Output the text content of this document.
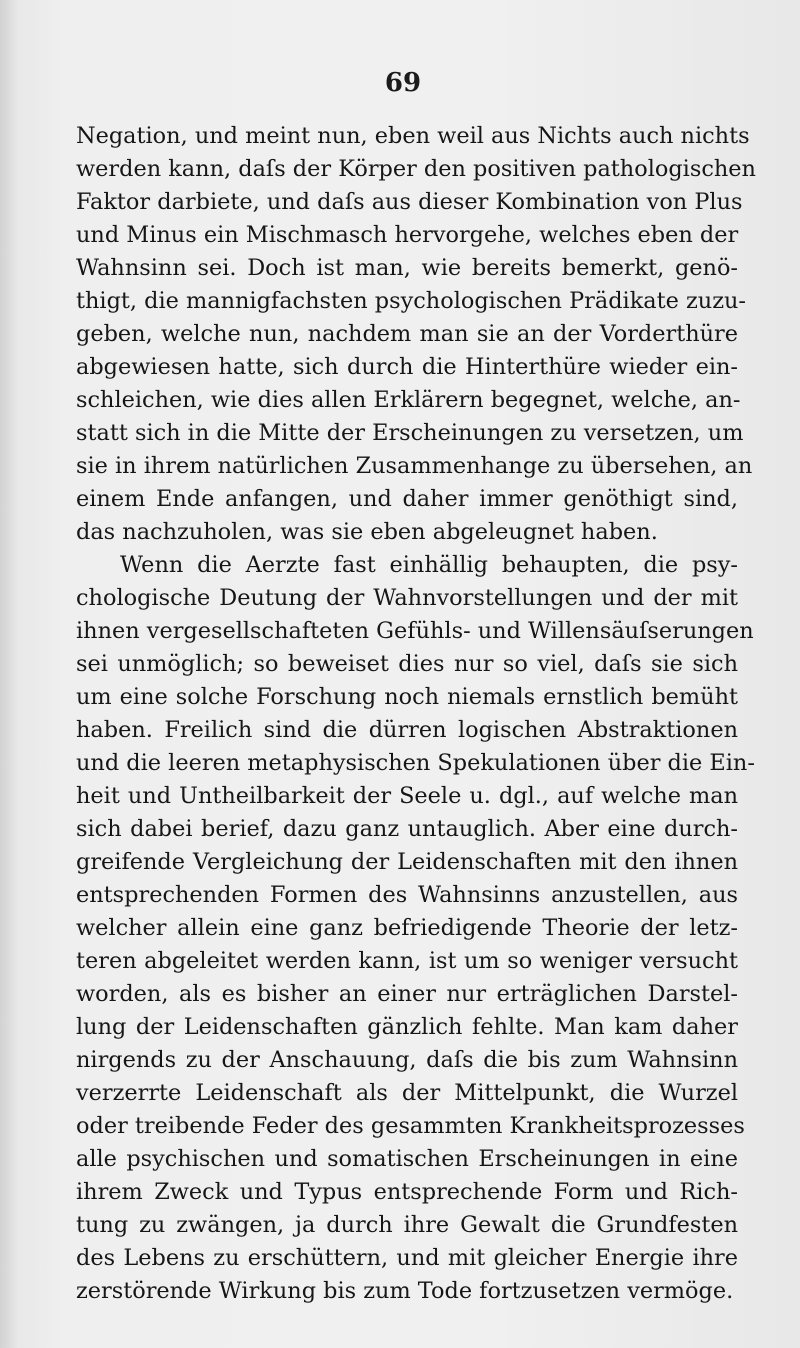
69
Negation, und meint nun, eben weil aus Nichts auch nichts
werden kann, daſs der Körper den positiven pathologischen
Faktor darbiete, und daſs aus dieser Kombination von Plus
und Minus ein Mischmasch hervorgehe, welches eben der
Wahnsinn sei. Doch ist man, wie bereits bemerkt, genö-
thigt, die mannigfachsten psychologischen Prädikate zuzu-
geben, welche nun, nachdem man sie an der Vorderthüre
abgewiesen hatte, sich durch die Hinterthüre wieder ein-
schleichen, wie dies allen Erklärern begegnet, welche, an-
statt sich in die Mitte der Erscheinungen zu versetzen, um
sie in ihrem natürlichen Zusammenhange zu übersehen, an
einem Ende anfangen, und daher immer genöthigt sind,
das nachzuholen, was sie eben abgeleugnet haben.
Wenn die Aerzte fast einhällig behaupten, die psy-
chologische Deutung der Wahnvorstellungen und der mit
ihnen vergesellschafteten Gefühls- und Willensäuſserungen
sei unmöglich; so beweiset dies nur so viel, daſs sie sich
um eine solche Forschung noch niemals ernstlich bemüht
haben. Freilich sind die dürren logischen Abstraktionen
und die leeren metaphysischen Spekulationen über die Ein-
heit und Untheilbarkeit der Seele u. dgl., auf welche man
sich dabei berief, dazu ganz untauglich. Aber eine durch-
greifende Vergleichung der Leidenschaften mit den ihnen
entsprechenden Formen des Wahnsinns anzustellen, aus
welcher allein eine ganz befriedigende Theorie der letz-
teren abgeleitet werden kann, ist um so weniger versucht
worden, als es bisher an einer nur erträglichen Darstel-
lung der Leidenschaften gänzlich fehlte. Man kam daher
nirgends zu der Anschauung, daſs die bis zum Wahnsinn
verzerrte Leidenschaft als der Mittelpunkt, die Wurzel
oder treibende Feder des gesammten Krankheitsprozesses
alle psychischen und somatischen Erscheinungen in eine
ihrem Zweck und Typus entsprechende Form und Rich-
tung zu zwängen, ja durch ihre Gewalt die Grundfesten
des Lebens zu erschüttern, und mit gleicher Energie ihre
zerstörende Wirkung bis zum Tode fortzusetzen vermöge.
